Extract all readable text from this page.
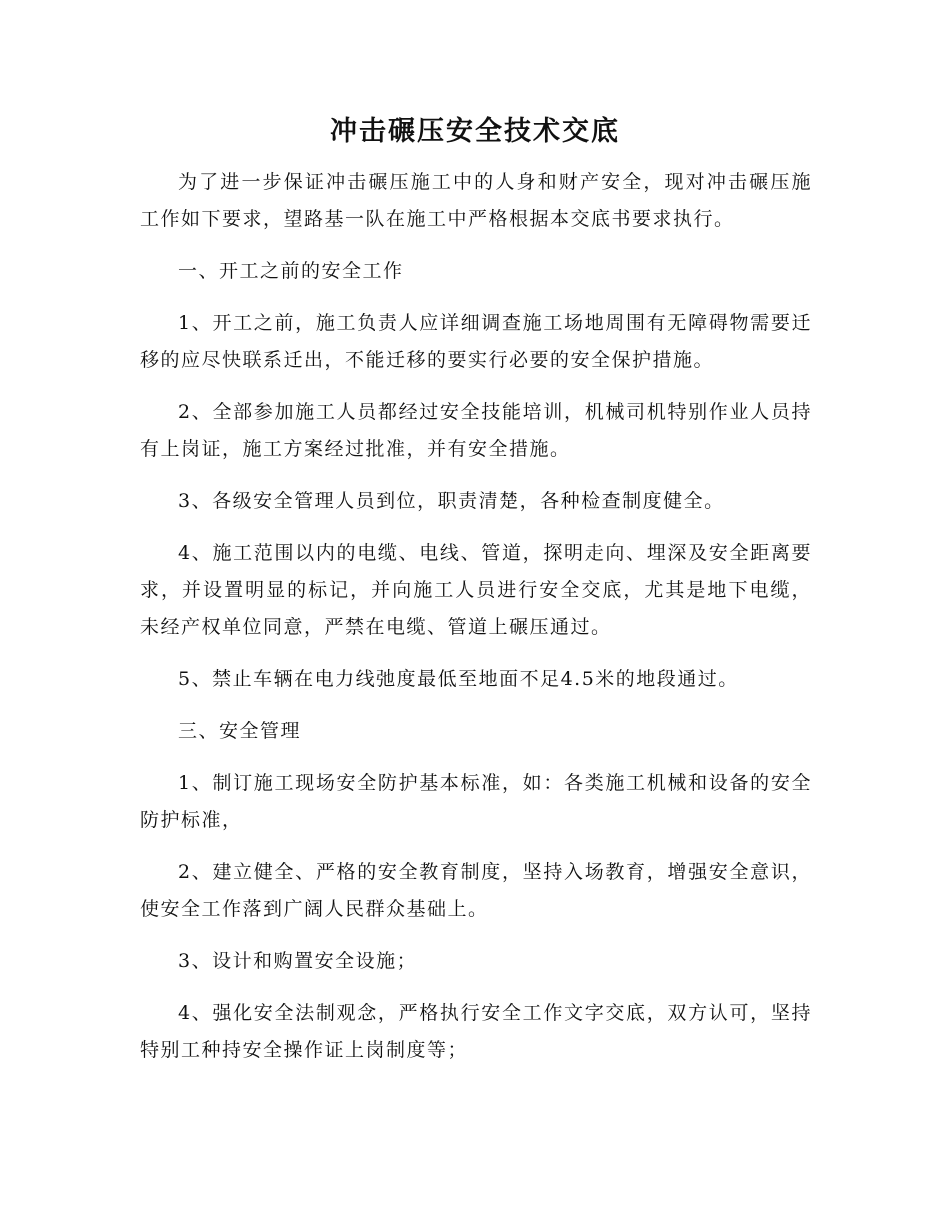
冲击碾压安全技术交底

为了进一步保证冲击碾压施工中的人身和财产安全，现对冲击碾压施工作如下要求，望路基一队在施工中严格根据本交底书要求执行。

一、开工之前的安全工作

1、开工之前，施工负责人应详细调查施工场地周围有无障碍物需要迁移的应尽快联系迁出，不能迁移的要实行必要的安全保护措施。

2、全部参加施工人员都经过安全技能培训，机械司机特别作业人员持有上岗证，施工方案经过批准，并有安全措施。

3、各级安全管理人员到位，职责清楚，各种检查制度健全。

4、施工范围以内的电缆、电线、管道，探明走向、埋深及安全距离要求，并设置明显的标记，并向施工人员进行安全交底，尤其是地下电缆，未经产权单位同意，严禁在电缆、管道上碾压通过。

5、禁止车辆在电力线弛度最低至地面不足4.5米的地段通过。

三、安全管理

1、制订施工现场安全防护基本标准，如：各类施工机械和设备的安全防护标准，

2、建立健全、严格的安全教育制度，坚持入场教育，增强安全意识，使安全工作落到广阔人民群众基础上。

3、设计和购置安全设施；

4、强化安全法制观念，严格执行安全工作文字交底，双方认可，坚持特别工种持安全操作证上岗制度等；
